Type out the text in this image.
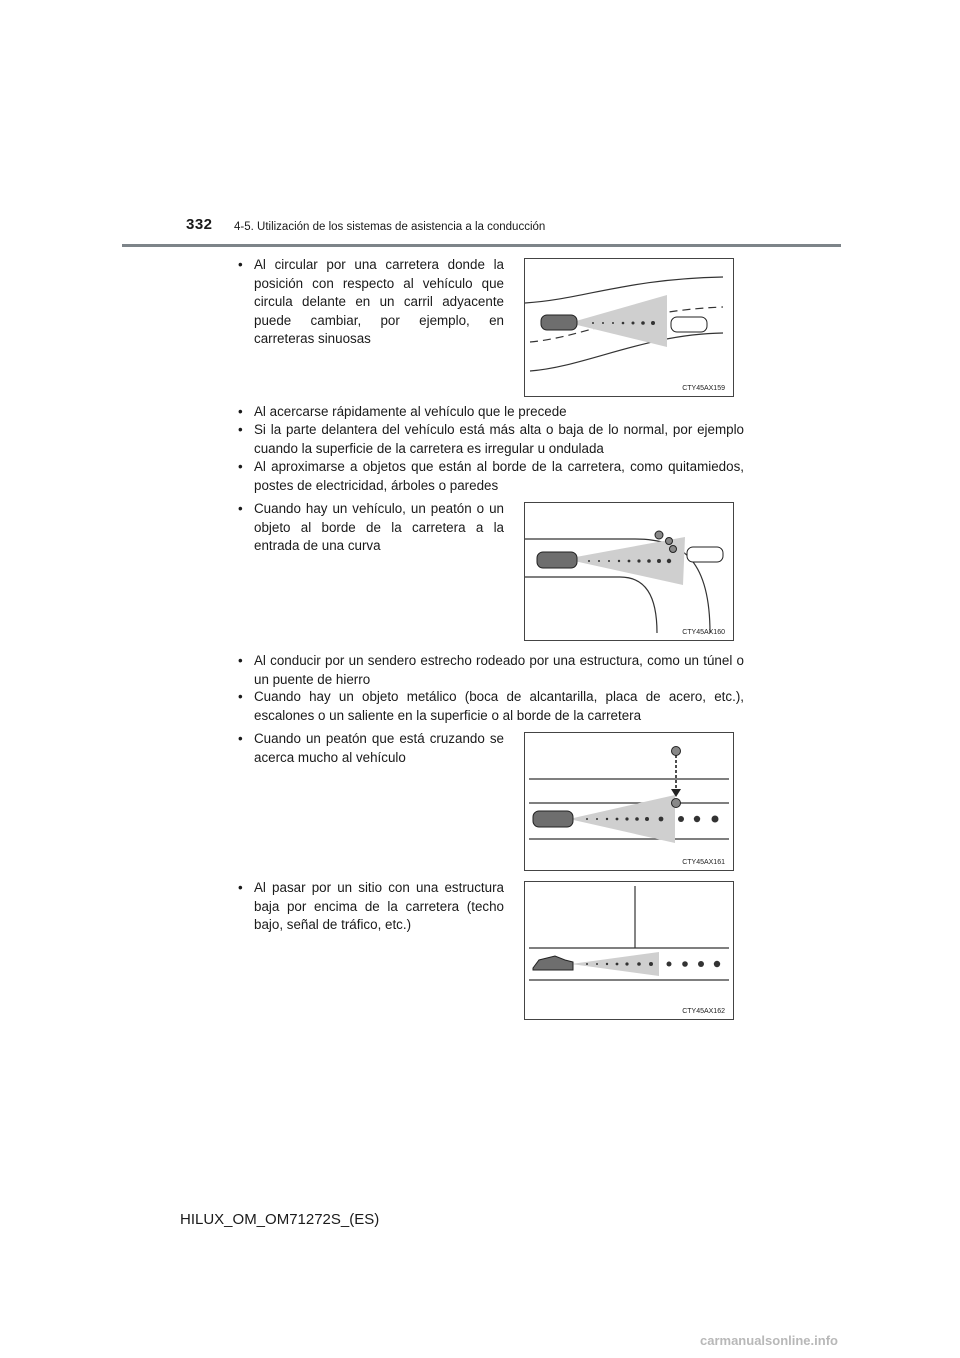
332 4-5. Utilización de los sistemas de asistencia a la conducción
• Al circular por una carretera donde la posición con respecto al vehículo que circula delante en un carril adyacente puede cambiar, por ejemplo, en carreteras sinuosas
CTY45AX159
• Al acercarse rápidamente al vehículo que le precede
• Si la parte delantera del vehículo está más alta o baja de lo normal, por ejemplo cuando la superficie de la carretera es irregular u ondulada
• Al aproximarse a objetos que están al borde de la carretera, como quitamiedos, postes de electricidad, árboles o paredes
• Cuando hay un vehículo, un peatón o un objeto al borde de la carretera a la entrada de una curva
CTY45AX160
• Al conducir por un sendero estrecho rodeado por una estructura, como un túnel o un puente de hierro
• Cuando hay un objeto metálico (boca de alcantarilla, placa de acero, etc.), escalones o un saliente en la superficie o al borde de la carretera
• Cuando un peatón que está cruzando se acerca mucho al vehículo
CTY45AX161
• Al pasar por un sitio con una estructura baja por encima de la carretera (techo bajo, señal de tráfico, etc.)
CTY45AX162
HILUX_OM_OM71272S_(ES)
carmanualsonline.info
